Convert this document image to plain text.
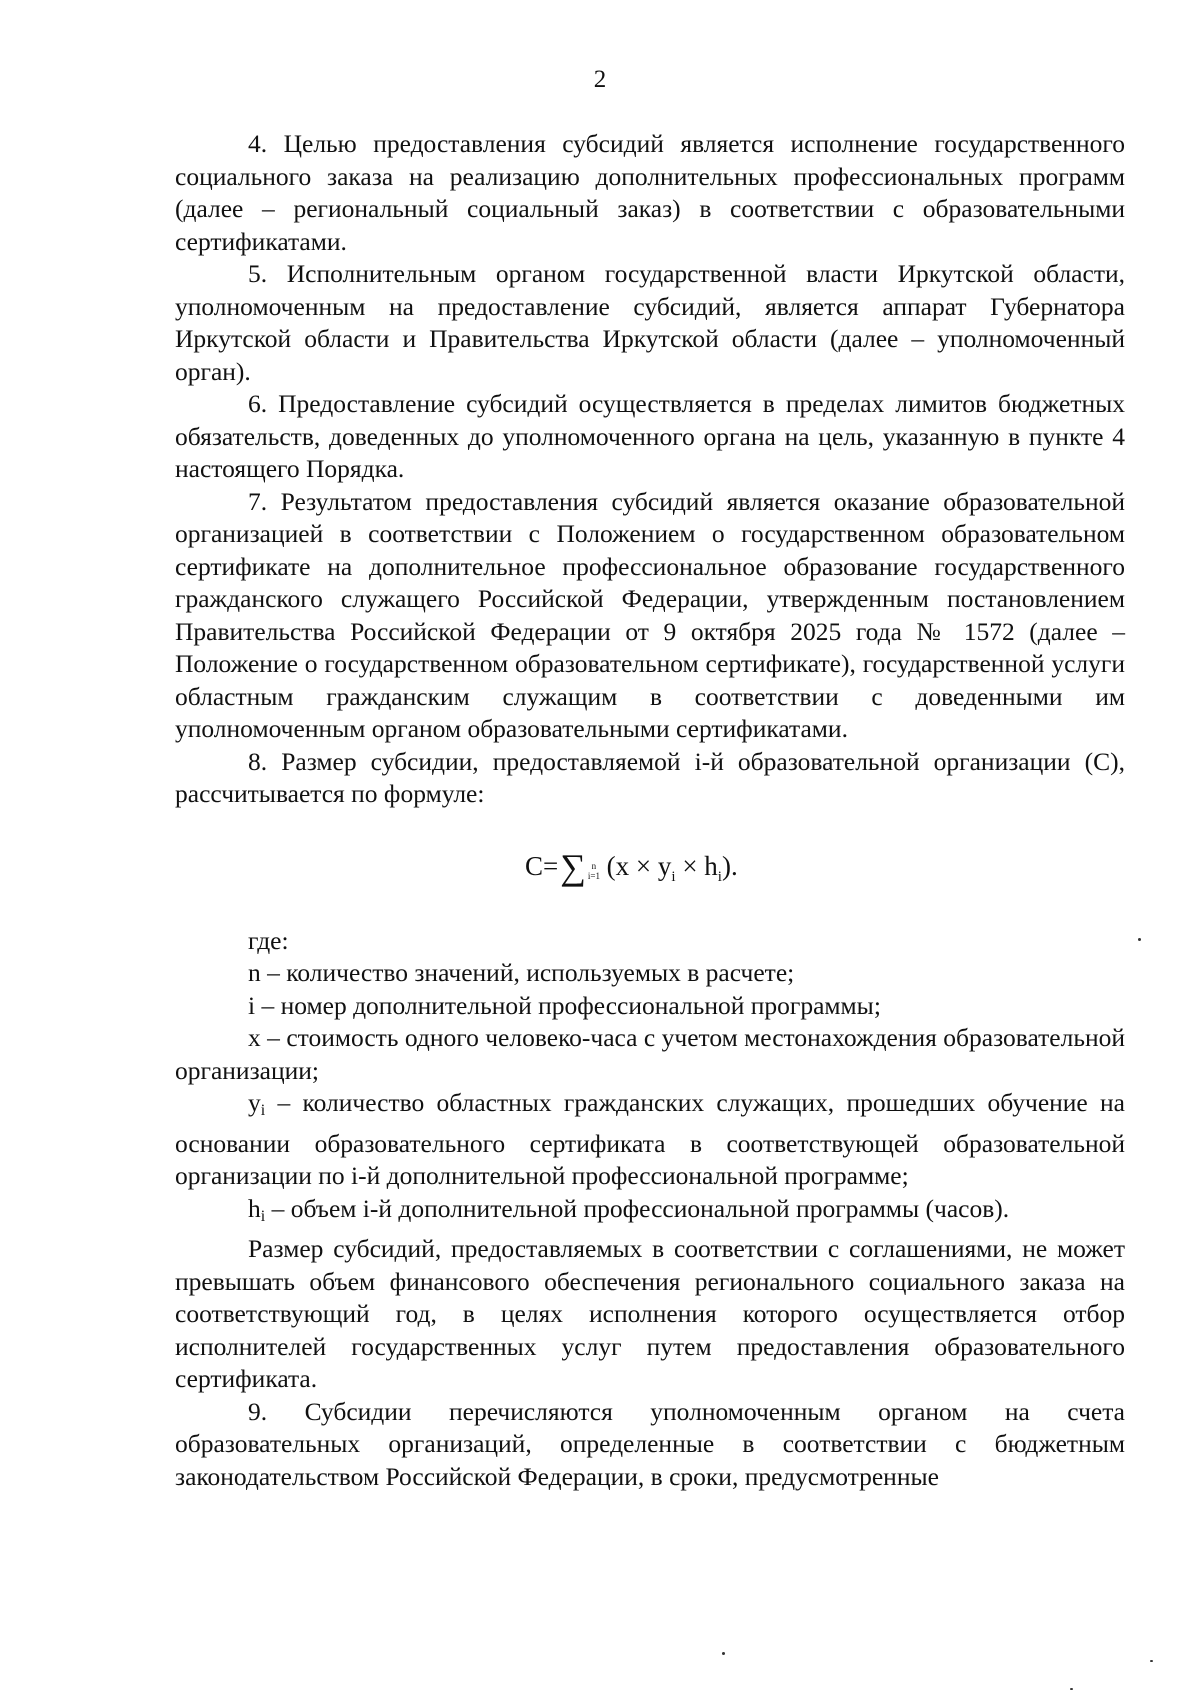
2

4. Целью предоставления субсидий является исполнение государственного социального заказа на реализацию дополнительных профессиональных программ (далее – региональный социальный заказ) в соответствии с образовательными сертификатами.

5. Исполнительным органом государственной власти Иркутской области, уполномоченным на предоставление субсидий, является аппарат Губернатора Иркутской области и Правительства Иркутской области (далее – уполномоченный орган).

6. Предоставление субсидий осуществляется в пределах лимитов бюджетных обязательств, доведенных до уполномоченного органа на цель, указанную в пункте 4 настоящего Порядка.

7. Результатом предоставления субсидий является оказание образовательной организацией в соответствии с Положением о государственном образовательном сертификате на дополнительное профессиональное образование государственного гражданского служащего Российской Федерации, утвержденным постановлением Правительства Российской Федерации от 9 октября 2025 года № 1572 (далее – Положение о государственном образовательном сертификате), государственной услуги областным гражданским служащим в соответствии с доведенными им уполномоченным органом образовательными сертификатами.

8. Размер субсидии, предоставляемой i-й образовательной организации (С), рассчитывается по формуле:

C=∑ n
i=1 $(x \times y_i \times h_i)$.

где:

n – количество значений, используемых в расчете;

i – номер дополнительной профессиональной программы;

x – стоимость одного человеко-часа с учетом местонахождения образовательной организации;

$y_i$ – количество областных гражданских служащих, прошедших обучение на основании образовательного сертификата в соответствующей образовательной организации по i-й дополнительной профессиональной программе;

$h_i$ – объем i-й дополнительной профессиональной программы (часов).

Размер субсидий, предоставляемых в соответствии с соглашениями, не может превышать объем финансового обеспечения регионального социального заказа на соответствующий год, в целях исполнения которого осуществляется отбор исполнителей государственных услуг путем предоставления образовательного сертификата.

9. Субсидии перечисляются уполномоченным органом на счета образовательных организаций, определенные в соответствии с бюджетным законодательством Российской Федерации, в сроки, предусмотренные
